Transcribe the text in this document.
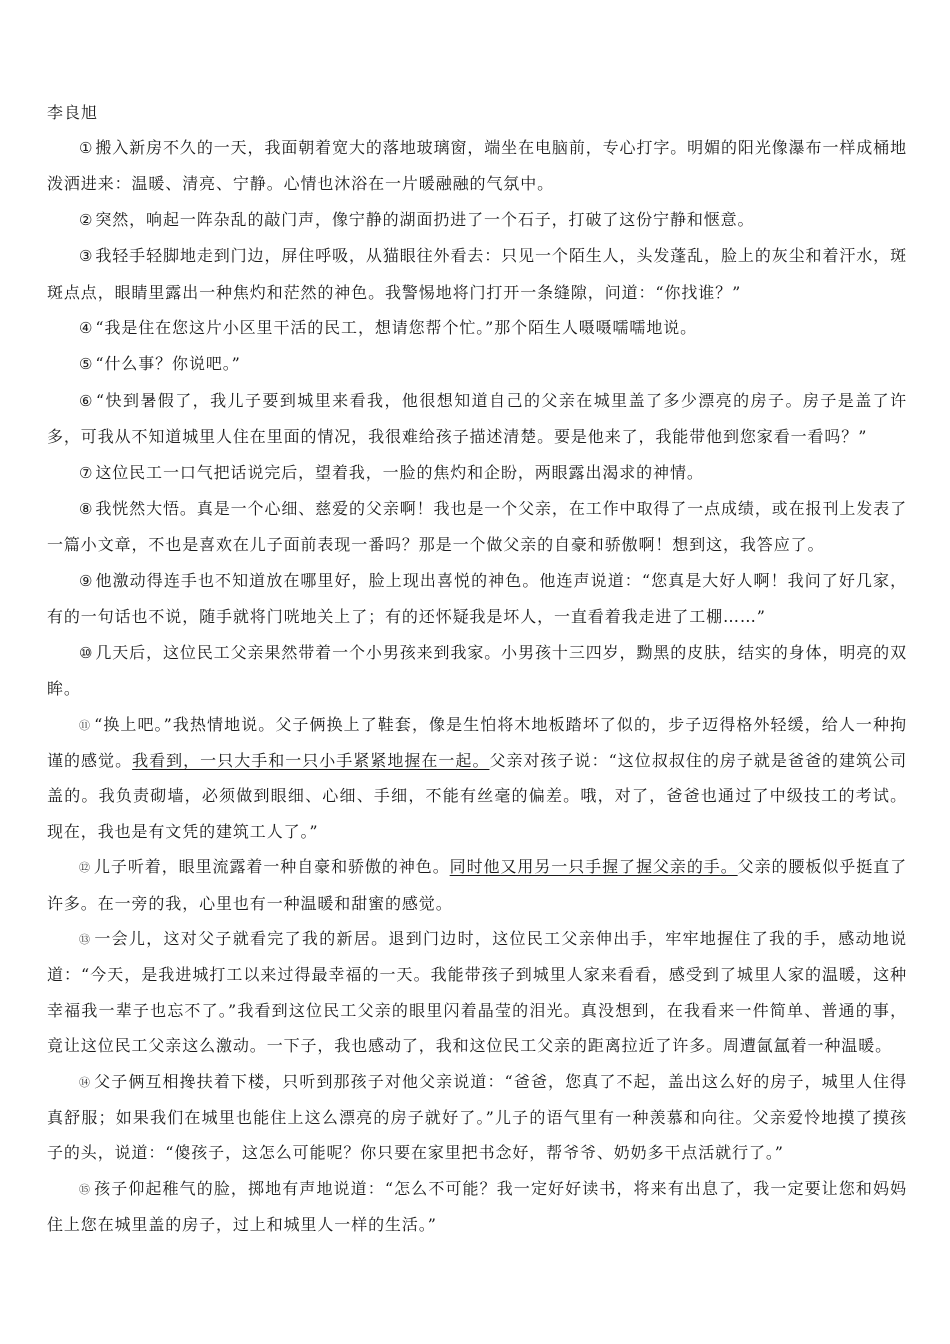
李良旭

① 搬入新房不久的一天，我面朝着宽大的落地玻璃窗，端坐在电脑前，专心打字。明媚的阳光像瀑布一样成桶地泼洒进来：温暖、清亮、宁静。心情也沐浴在一片暖融融的气氛中。

② 突然，响起一阵杂乱的敲门声，像宁静的湖面扔进了一个石子，打破了这份宁静和惬意。

③ 我轻手轻脚地走到门边，屏住呼吸，从猫眼往外看去：只见一个陌生人，头发蓬乱，脸上的灰尘和着汗水，斑斑点点，眼睛里露出一种焦灼和茫然的神色。我警惕地将门打开一条缝隙，问道：“你找谁？”

④ “我是住在您这片小区里干活的民工，想请您帮个忙。”那个陌生人嗫嗫嚅嚅地说。

⑤ “什么事？你说吧。”

⑥ “快到暑假了，我儿子要到城里来看我，他很想知道自己的父亲在城里盖了多少漂亮的房子。房子是盖了许多，可我从不知道城里人住在里面的情况，我很难给孩子描述清楚。要是他来了，我能带他到您家看一看吗？”

⑦ 这位民工一口气把话说完后，望着我，一脸的焦灼和企盼，两眼露出渴求的神情。

⑧ 我恍然大悟。真是一个心细、慈爱的父亲啊！我也是一个父亲，在工作中取得了一点成绩，或在报刊上发表了一篇小文章，不也是喜欢在儿子面前表现一番吗？那是一个做父亲的自豪和骄傲啊！想到这，我答应了。

⑨ 他激动得连手也不知道放在哪里好，脸上现出喜悦的神色。他连声说道：“您真是大好人啊！我问了好几家，有的一句话也不说，随手就将门咣地关上了；有的还怀疑我是坏人，一直看着我走进了工棚……”

⑩ 几天后，这位民工父亲果然带着一个小男孩来到我家。小男孩十三四岁，黝黑的皮肤，结实的身体，明亮的双眸。

⑪ “换上吧。”我热情地说。父子俩换上了鞋套，像是生怕将木地板踏坏了似的，步子迈得格外轻缓，给人一种拘谨的感觉。我看到，一只大手和一只小手紧紧地握在一起。父亲对孩子说：“这位叔叔住的房子就是爸爸的建筑公司盖的。我负责砌墙，必须做到眼细、心细、手细，不能有丝毫的偏差。哦，对了，爸爸也通过了中级技工的考试。现在，我也是有文凭的建筑工人了。”

⑫ 儿子听着，眼里流露着一种自豪和骄傲的神色。同时他又用另一只手握了握父亲的手。父亲的腰板似乎挺直了许多。在一旁的我，心里也有一种温暖和甜蜜的感觉。

⑬ 一会儿，这对父子就看完了我的新居。退到门边时，这位民工父亲伸出手，牢牢地握住了我的手，感动地说道：“今天，是我进城打工以来过得最幸福的一天。我能带孩子到城里人家来看看，感受到了城里人家的温暖，这种幸福我一辈子也忘不了。”我看到这位民工父亲的眼里闪着晶莹的泪光。真没想到，在我看来一件简单、普通的事，竟让这位民工父亲这么激动。一下子，我也感动了，我和这位民工父亲的距离拉近了许多。周遭氤氲着一种温暖。

⑭ 父子俩互相搀扶着下楼，只听到那孩子对他父亲说道：“爸爸，您真了不起，盖出这么好的房子，城里人住得真舒服；如果我们在城里也能住上这么漂亮的房子就好了。”儿子的语气里有一种羡慕和向往。父亲爱怜地摸了摸孩子的头，说道：“傻孩子，这怎么可能呢？你只要在家里把书念好，帮爷爷、奶奶多干点活就行了。”

⑮ 孩子仰起稚气的脸，掷地有声地说道：“怎么不可能？我一定好好读书，将来有出息了，我一定要让您和妈妈住上您在城里盖的房子，过上和城里人一样的生活。”
